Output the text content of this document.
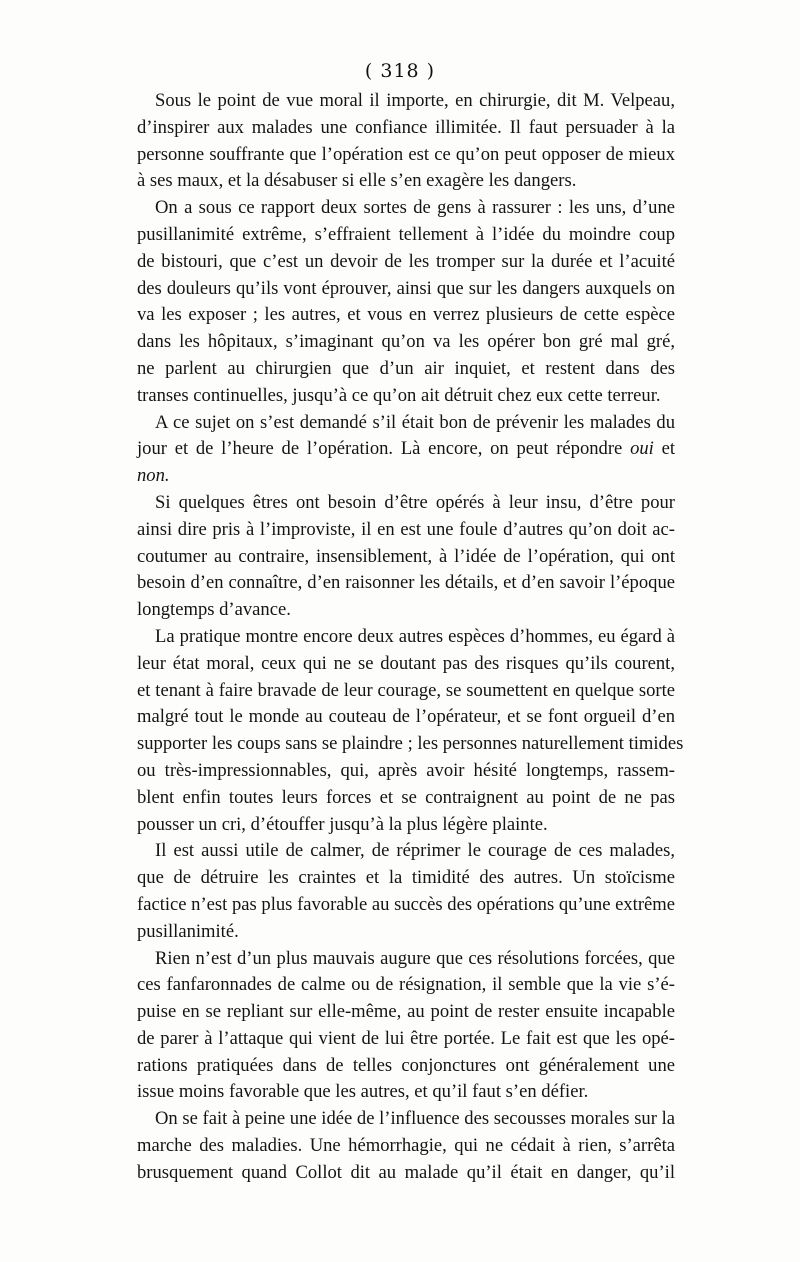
( 318 )

Sous le point de vue moral il importe, en chirurgie, dit M. Velpeau,
d’inspirer aux malades une confiance illimitée. Il faut persuader à la
personne souffrante que l’opération est ce qu’on peut opposer de mieux
à ses maux, et la désabuser si elle s’en exagère les dangers.

On a sous ce rapport deux sortes de gens à rassurer : les uns, d’une
pusillanimité extrême, s’effraient tellement à l’idée du moindre coup
de bistouri, que c’est un devoir de les tromper sur la durée et l’acuité
des douleurs qu’ils vont éprouver, ainsi que sur les dangers auxquels on
va les exposer ; les autres, et vous en verrez plusieurs de cette espèce
dans les hôpitaux, s’imaginant qu’on va les opérer bon gré mal gré,
ne parlent au chirurgien que d’un air inquiet, et restent dans des
transes continuelles, jusqu’à ce qu’on ait détruit chez eux cette terreur.

A ce sujet on s’est demandé s’il était bon de prévenir les malades du
jour et de l’heure de l’opération. Là encore, on peut répondre oui et
non.

Si quelques êtres ont besoin d’être opérés à leur insu, d’être pour
ainsi dire pris à l’improviste, il en est une foule d’autres qu’on doit ac-
coutumer au contraire, insensiblement, à l’idée de l’opération, qui ont
besoin d’en connaître, d’en raisonner les détails, et d’en savoir l’époque
longtemps d’avance.

La pratique montre encore deux autres espèces d’hommes, eu égard à
leur état moral, ceux qui ne se doutant pas des risques qu’ils courent,
et tenant à faire bravade de leur courage, se soumettent en quelque sorte
malgré tout le monde au couteau de l’opérateur, et se font orgueil d’en
supporter les coups sans se plaindre ; les personnes naturellement timides
ou très-impressionnables, qui, après avoir hésité longtemps, rassem-
blent enfin toutes leurs forces et se contraignent au point de ne pas
pousser un cri, d’étouffer jusqu’à la plus légère plainte.

Il est aussi utile de calmer, de réprimer le courage de ces malades,
que de détruire les craintes et la timidité des autres. Un stoïcisme
factice n’est pas plus favorable au succès des opérations qu’une extrême
pusillanimité.

Rien n’est d’un plus mauvais augure que ces résolutions forcées, que
ces fanfaronnades de calme ou de résignation, il semble que la vie s’é-
puise en se repliant sur elle-même, au point de rester ensuite incapable
de parer à l’attaque qui vient de lui être portée. Le fait est que les opé-
rations pratiquées dans de telles conjonctures ont généralement une
issue moins favorable que les autres, et qu’il faut s’en défier.

On se fait à peine une idée de l’influence des secousses morales sur la
marche des maladies. Une hémorrhagie, qui ne cédait à rien, s’arrêta
brusquement quand Collot dit au malade qu’il était en danger, qu’il
